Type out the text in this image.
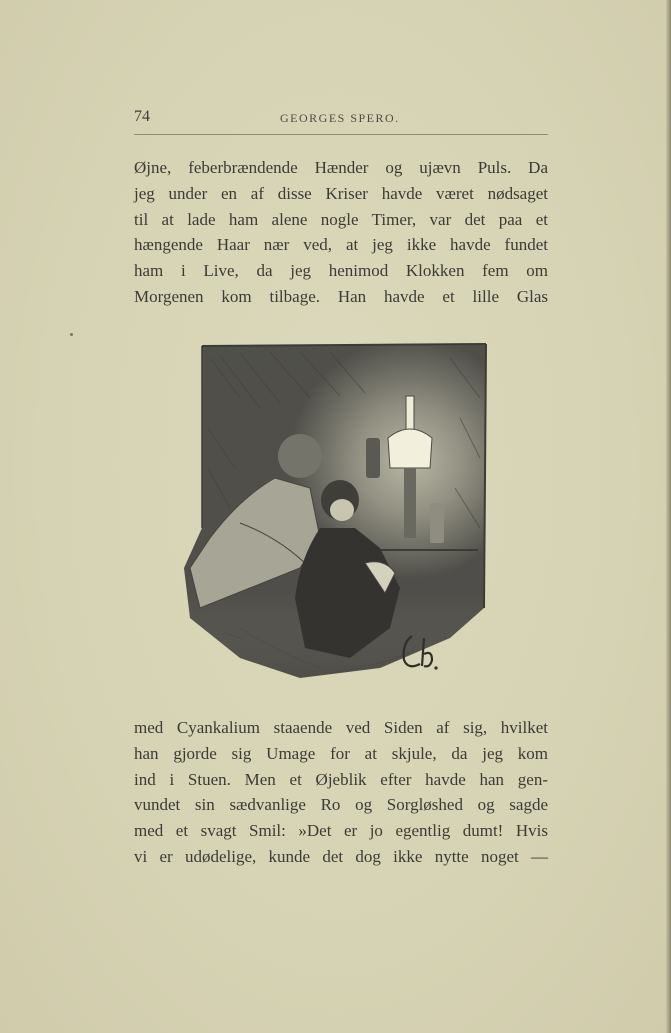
74	GEORGES SPERO.
Øjne, feberbrændende Hænder og ujævn Puls. Da
jeg under en af disse Kriser havde været nødsaget
til at lade ham alene nogle Timer, var det paa et
hængende Haar nær ved, at jeg ikke havde fundet
ham i Live, da jeg henimod Klokken fem om
Morgenen kom tilbage. Han havde et lille Glas
med Cyankalium staaende ved Siden af sig, hvilket
han gjorde sig Umage for at skjule, da jeg kom
ind i Stuen. Men et Øjeblik efter havde han gen-
vundet sin sædvanlige Ro og Sorgløshed og sagde
med et svagt Smil: »Det er jo egentlig dumt! Hvis
vi er udødelige, kunde det dog ikke nytte noget —
